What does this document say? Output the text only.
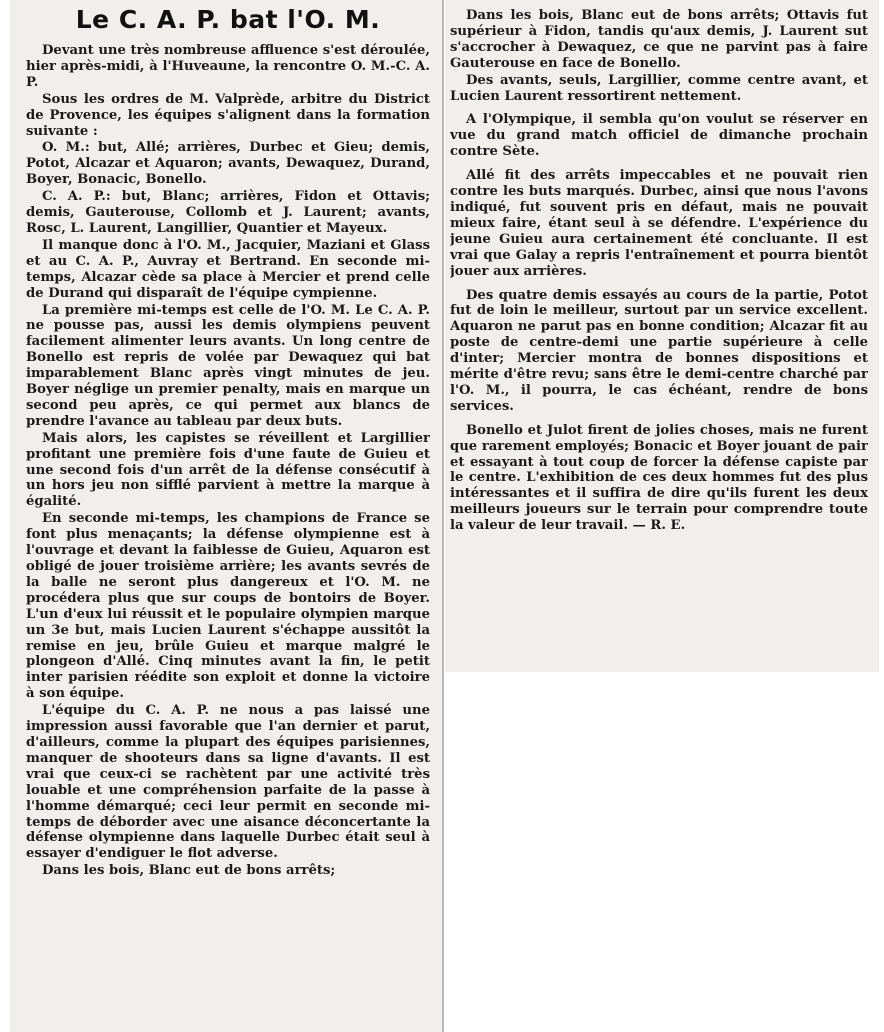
Le C. A. P. bat l'O. M.

Devant une très nombreuse affluence s'est déroulée, hier après-midi, à l'Huveaune, la rencontre O. M.-C. A. P.

Sous les ordres de M. Valprède, arbitre du District de Provence, les équipes s'alignent dans la formation suivante :

O. M.: but, Allé; arrières, Durbec et Gieu; demis, Potot, Alcazar et Aquaron; avants, Dewaquez, Durand, Boyer, Bonacic, Bonello.

C. A. P.: but, Blanc; arrières, Fidon et Ottavis; demis, Gauterouse, Collomb et J. Laurent; avants, Rosc, L. Laurent, Langillier, Quantier et Mayeux.

Il manque donc à l'O. M., Jacquier, Maziani et Glass et au C. A. P., Auvray et Bertrand. En seconde mi-temps, Alcazar cède sa place à Mercier et prend celle de Durand qui disparaît de l'équipe cympienne.

La première mi-temps est celle de l'O. M. Le C. A. P. ne pousse pas, aussi les demis olympiens peuvent facilement alimenter leurs avants. Un long centre de Bonello est repris de volée par Dewaquez qui bat imparablement Blanc après vingt minutes de jeu. Boyer néglige un premier penalty, mais en marque un second peu après, ce qui permet aux blancs de prendre l'avance au tableau par deux buts.

Mais alors, les capistes se réveillent et Largillier profitant une première fois d'une faute de Guieu et une second fois d'un arrêt de la défense consécutif à un hors jeu non sifflé parvient à mettre la marque à égalité.

En seconde mi-temps, les champions de France se font plus menaçants; la défense olympienne est à l'ouvrage et devant la faiblesse de Guieu, Aquaron est obligé de jouer troisième arrière; les avants sevrés de la balle ne seront plus dangereux et l'O. M. ne procédera plus que sur coups de bontoirs de Boyer. L'un d'eux lui réussit et le populaire olympien marque un 3e but, mais Lucien Laurent s'échappe aussitôt la remise en jeu, brûle Guieu et marque malgré le plongeon d'Allé. Cinq minutes avant la fin, le petit inter parisien réédite son exploit et donne la victoire à son équipe.

L'équipe du C. A. P. ne nous a pas laissé une impression aussi favorable que l'an dernier et parut, d'ailleurs, comme la plupart des équipes parisiennes, manquer de shooteurs dans sa ligne d'avants. Il est vrai que ceux-ci se rachètent par une activité très louable et une compréhension parfaite de la passe à l'homme démarqué; ceci leur permit en seconde mi-temps de déborder avec une aisance déconcertante la défense olympienne dans laquelle Durbec était seul à essayer d'endiguer le flot adverse.

Dans les bois, Blanc eut de bons arrêts;

Dans les bois, Blanc eut de bons arrêts; Ottavis fut supérieur à Fidon, tandis qu'aux demis, J. Laurent sut s'accrocher à Dewaquez, ce que ne parvint pas à faire Gauterouse en face de Bonello.

Des avants, seuls, Largillier, comme centre avant, et Lucien Laurent ressortirent nettement.

A l'Olympique, il sembla qu'on voulut se réserver en vue du grand match officiel de dimanche prochain contre Sète.

Allé fit des arrêts impeccables et ne pouvait rien contre les buts marqués. Durbec, ainsi que nous l'avons indiqué, fut souvent pris en défaut, mais ne pouvait mieux faire, étant seul à se défendre. L'expérience du jeune Guieu aura certainement été concluante. Il est vrai que Galay a repris l'entraînement et pourra bientôt jouer aux arrières.

Des quatre demis essayés au cours de la partie, Potot fut de loin le meilleur, surtout par un service excellent. Aquaron ne parut pas en bonne condition; Alcazar fit au poste de centre-demi une partie supérieure à celle d'inter; Mercier montra de bonnes dispositions et mérite d'être revu; sans être le demi-centre charché par l'O. M., il pourra, le cas échéant, rendre de bons services.

Bonello et Julot firent de jolies choses, mais ne furent que rarement employés; Bonacic et Boyer jouant de pair et essayant à tout coup de forcer la défense capiste par le centre. L'exhibition de ces deux hommes fut des plus intéressantes et il suffira de dire qu'ils furent les deux meilleurs joueurs sur le terrain pour comprendre toute la valeur de leur travail. — R. E.
